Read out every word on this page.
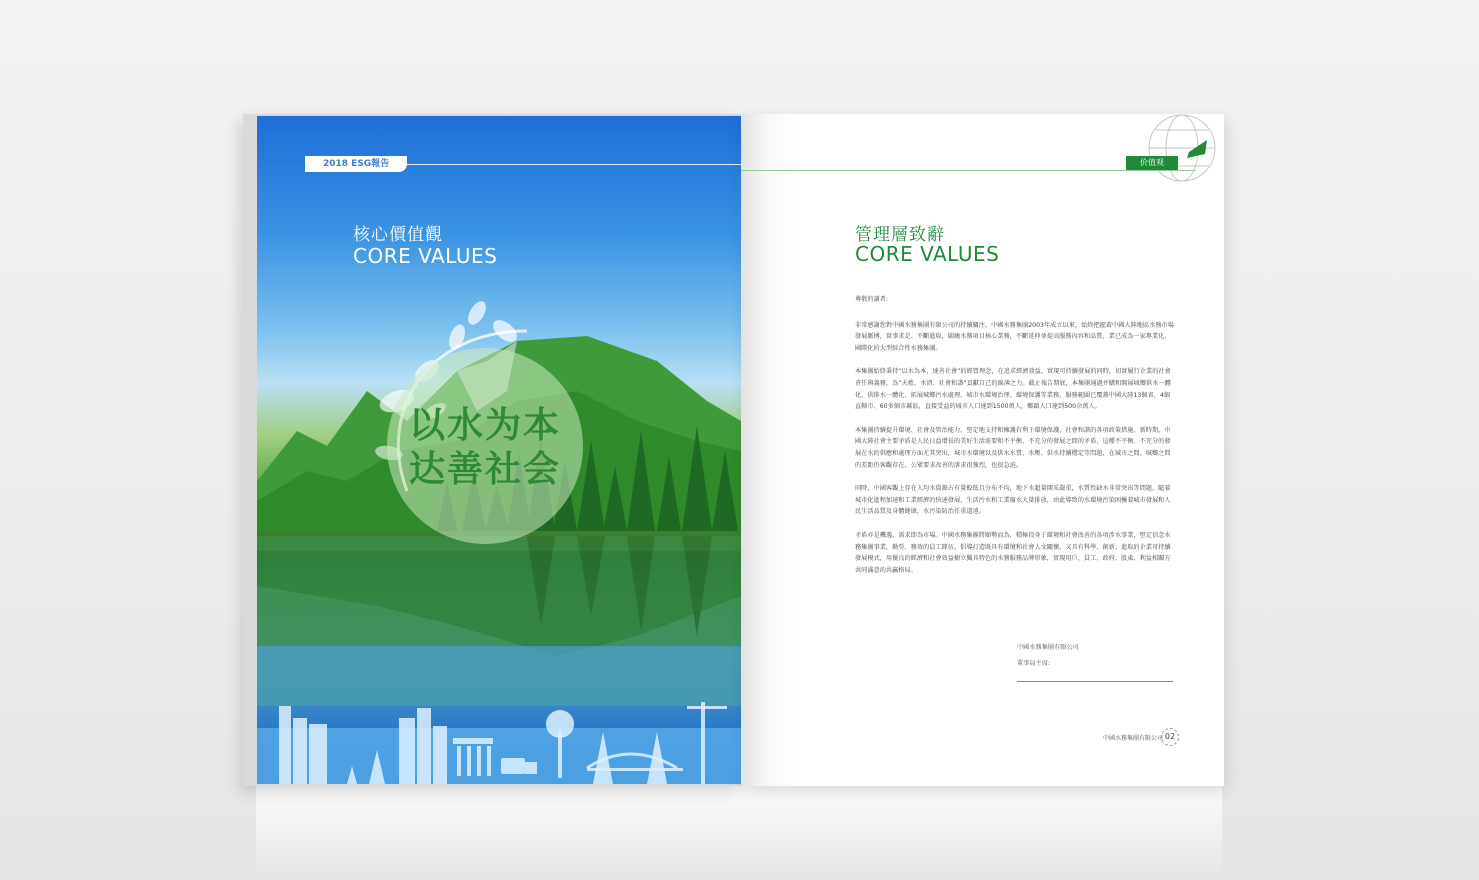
2018 ESG報告
核心價值觀
CORE VALUES
以水为本
达善社会
价值观
管理層致辭
CORE VALUES

尊敬的讀者:

非常感謝您對中國水務集團有限公司的持續關注。中國水務集團2003年成立以來，始終把握着中國大陸地區水務市場發展脈搏，實事求是、不斷進取，圍繞水務項目核心業務，不斷延伸並提高服務內容和品質，業已成為一家專業化、國際化的大型綜合性水務集團。

本集團始終秉持“以水為本，達善社會”的經營理念，在追求經濟效益、實現可持續發展的同時，切實履行企業的社會責任與義務，為“天藍、水清、社會和諧”貢獻自己的綿薄之力。截止報告期底，本集團通過并購和開展城鄉供水一體化、供排水一體化、拓展城鄉污水處理、城市水環境治理、環境保護等業務，服務範圍已覆蓋中國大陸13個省、4個直轄市、60多個市縣區，直接受益的城市人口達到1500萬人，鄉鎮人口達到500余萬人。

本集團持續提升環境、社會及管治能力，堅定地支持和擁護有利于環境保護、社會和諧的各項政策措施。新時期，中國大陸社會主要矛盾是人民日益增長的美好生活需要和不平衡、不充分的發展之間的矛盾，這種不平衡、不充分的發展在水的供應和處理方面尤其突出，城市水環境以及供水水質、水壓、供水持續穩定等問題，在城市之間、城鄉之間的差距仍客觀存在，公眾要求改善的訴求很強烈，也很急迫。

同時，中國客觀上存在人均水資源占有量較低且分布不均，地下水超量開采嚴重，水質性缺水非常突出等問題，隨着城市化進程加速和工業經濟的快速發展，生活污水和工業廢水大量排放，由此導致的水環境污染困擾着城市發展和人民生活品質及身體健康，水污染防治任重道遠。

矛盾亦是機遇，需求即為市場。中國水務集團將順勢而為，積極投身于環境和社會改善的各項涉水事業，堅定信念水務集團事業，勤勞、務效的員工隊伍，倡導打造既具有環境和社會人文關懷，又具有科學、創新、進取的企業可持續發展模式，用優良的經濟和社會效益樹立獨具特色的水務服務品牌形象，實現用戶、員工、政府、股東、利益相關方共同滿意的共贏格局。

中國水務集團有限公司
董事局主席:
中國水務集團有限公司 02
